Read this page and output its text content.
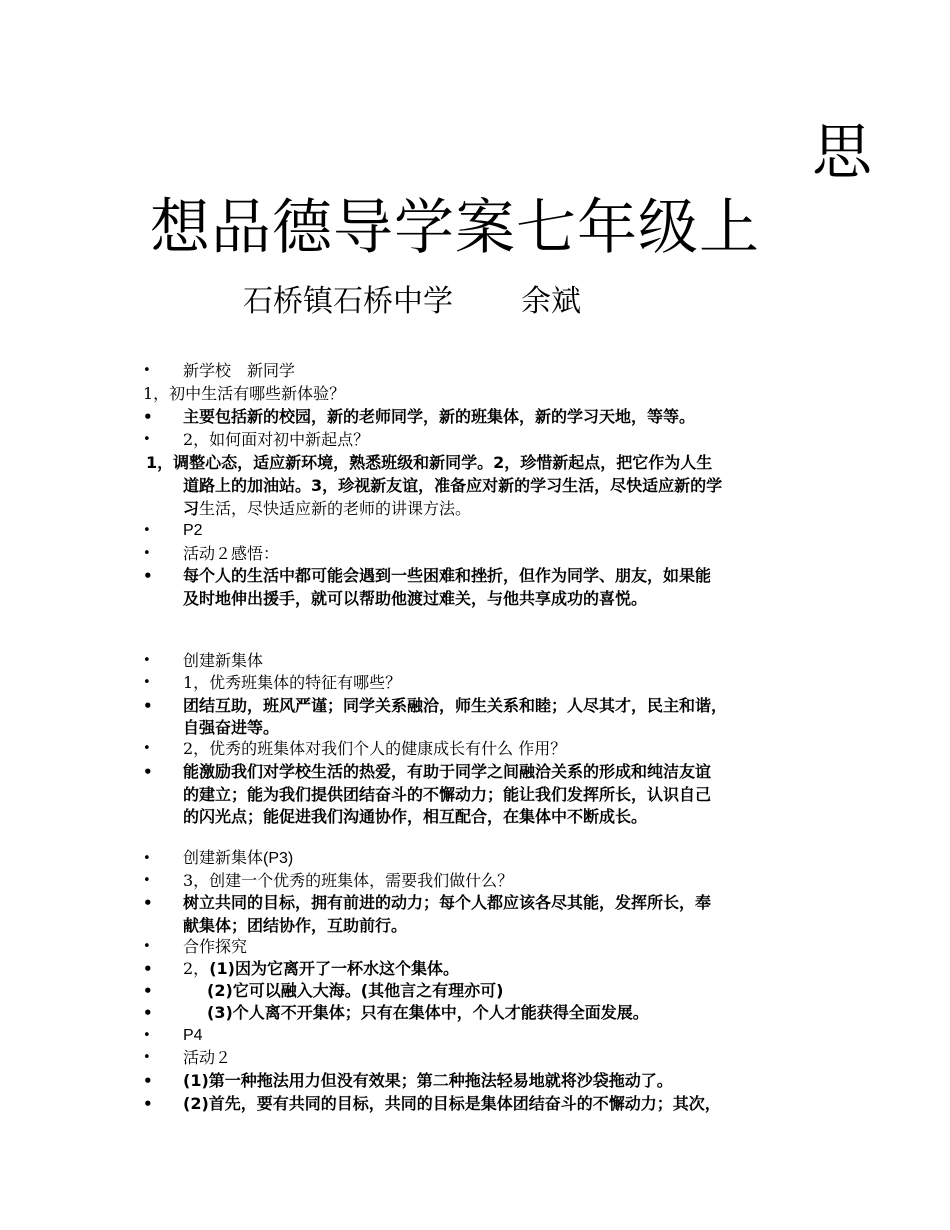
思
想品德导学案七年级上
石桥镇石桥中学 余斌
• 新学校　新同学
1，初中生活有哪些新体验？
• 主要包括新的校园，新的老师同学，新的班集体，新的学习天地，等等。
• 2，如何面对初中新起点？
1，调整心态，适应新环境，熟悉班级和新同学。2，珍惜新起点，把它作为人生
道路上的加油站。3，珍视新友谊，准备应对新的学习生活，尽快适应新的学
习生活，尽快适应新的老师的讲课方法。
• P2
• 活动２感悟：
• 每个人的生活中都可能会遇到一些困难和挫折，但作为同学、朋友，如果能
及时地伸出援手，就可以帮助他渡过难关，与他共享成功的喜悦。
• 创建新集体
• 1，优秀班集体的特征有哪些？
• 团结互助，班风严谨；同学关系融洽，师生关系和睦；人尽其才，民主和谐，
自强奋进等。
• 2，优秀的班集体对我们个人的健康成长有什么 作用？
• 能激励我们对学校生活的热爱，有助于同学之间融洽关系的形成和纯洁友谊
的建立；能为我们提供团结奋斗的不懈动力；能让我们发挥所长，认识自己
的闪光点；能促进我们沟通协作，相互配合，在集体中不断成长。
• 创建新集体(P3)
• 3，创建一个优秀的班集体，需要我们做什么？
• 树立共同的目标，拥有前进的动力；每个人都应该各尽其能，发挥所长，奉
献集体；团结协作，互助前行。
• 合作探究
• 2，(1)因为它离开了一杯水这个集体。
•	(2)它可以融入大海。(其他言之有理亦可)
•	(3)个人离不开集体；只有在集体中，个人才能获得全面发展。
• P4
• 活动２
• (1)第一种拖法用力但没有效果；第二种拖法轻易地就将沙袋拖动了。
• (2)首先，要有共同的目标，共同的目标是集体团结奋斗的不懈动力；其次，
